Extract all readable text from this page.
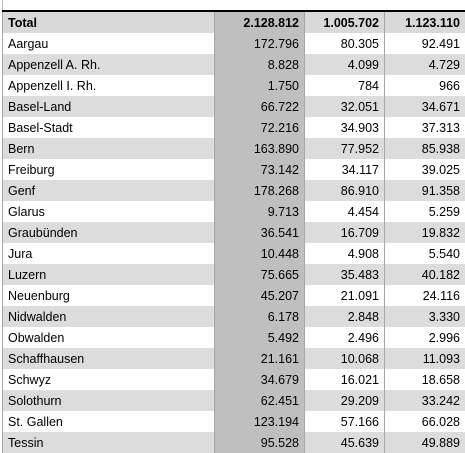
Total	2.128.812	1.005.702	1.123.110
Aargau	172.796	80.305	92.491
Appenzell A. Rh.	8.828	4.099	4.729
Appenzell I. Rh.	1.750	784	966
Basel-Land	66.722	32.051	34.671
Basel-Stadt	72.216	34.903	37.313
Bern	163.890	77.952	85.938
Freiburg	73.142	34.117	39.025
Genf	178.268	86.910	91.358
Glarus	9.713	4.454	5.259
Graubünden	36.541	16.709	19.832
Jura	10.448	4.908	5.540
Luzern	75.665	35.483	40.182
Neuenburg	45.207	21.091	24.116
Nidwalden	6.178	2.848	3.330
Obwalden	5.492	2.496	2.996
Schaffhausen	21.161	10.068	11.093
Schwyz	34.679	16.021	18.658
Solothurn	62.451	29.209	33.242
St. Gallen	123.194	57.166	66.028
Tessin	95.528	45.639	49.889
